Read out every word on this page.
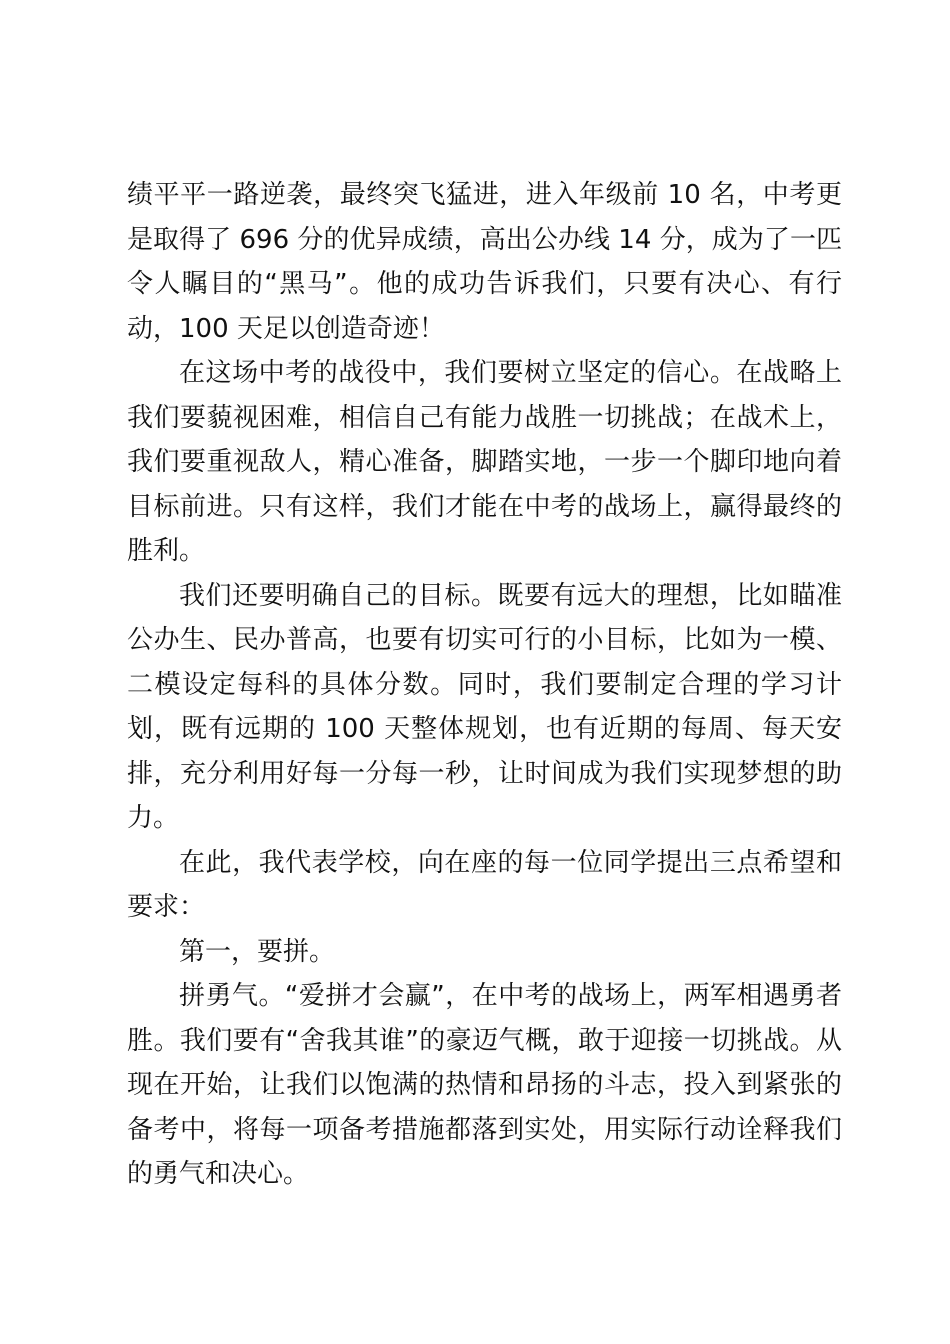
绩平平一路逆袭，最终突飞猛进，进入年级前 10 名，中考更是取得了 696 分的优异成绩，高出公办线 14 分，成为了一匹令人瞩目的“黑马”。他的成功告诉我们，只要有决心、有行动，100 天足以创造奇迹！

在这场中考的战役中，我们要树立坚定的信心。在战略上我们要藐视困难，相信自己有能力战胜一切挑战；在战术上，我们要重视敌人，精心准备，脚踏实地，一步一个脚印地向着目标前进。只有这样，我们才能在中考的战场上，赢得最终的胜利。

我们还要明确自己的目标。既要有远大的理想，比如瞄准公办生、民办普高，也要有切实可行的小目标，比如为一模、二模设定每科的具体分数。同时，我们要制定合理的学习计划，既有远期的 100 天整体规划，也有近期的每周、每天安排，充分利用好每一分每一秒，让时间成为我们实现梦想的助力。

在此，我代表学校，向在座的每一位同学提出三点希望和要求：

第一，要拼。

拼勇气。“爱拼才会赢”，在中考的战场上，两军相遇勇者胜。我们要有“舍我其谁”的豪迈气概，敢于迎接一切挑战。从现在开始，让我们以饱满的热情和昂扬的斗志，投入到紧张的备考中，将每一项备考措施都落到实处，用实际行动诠释我们的勇气和决心。
